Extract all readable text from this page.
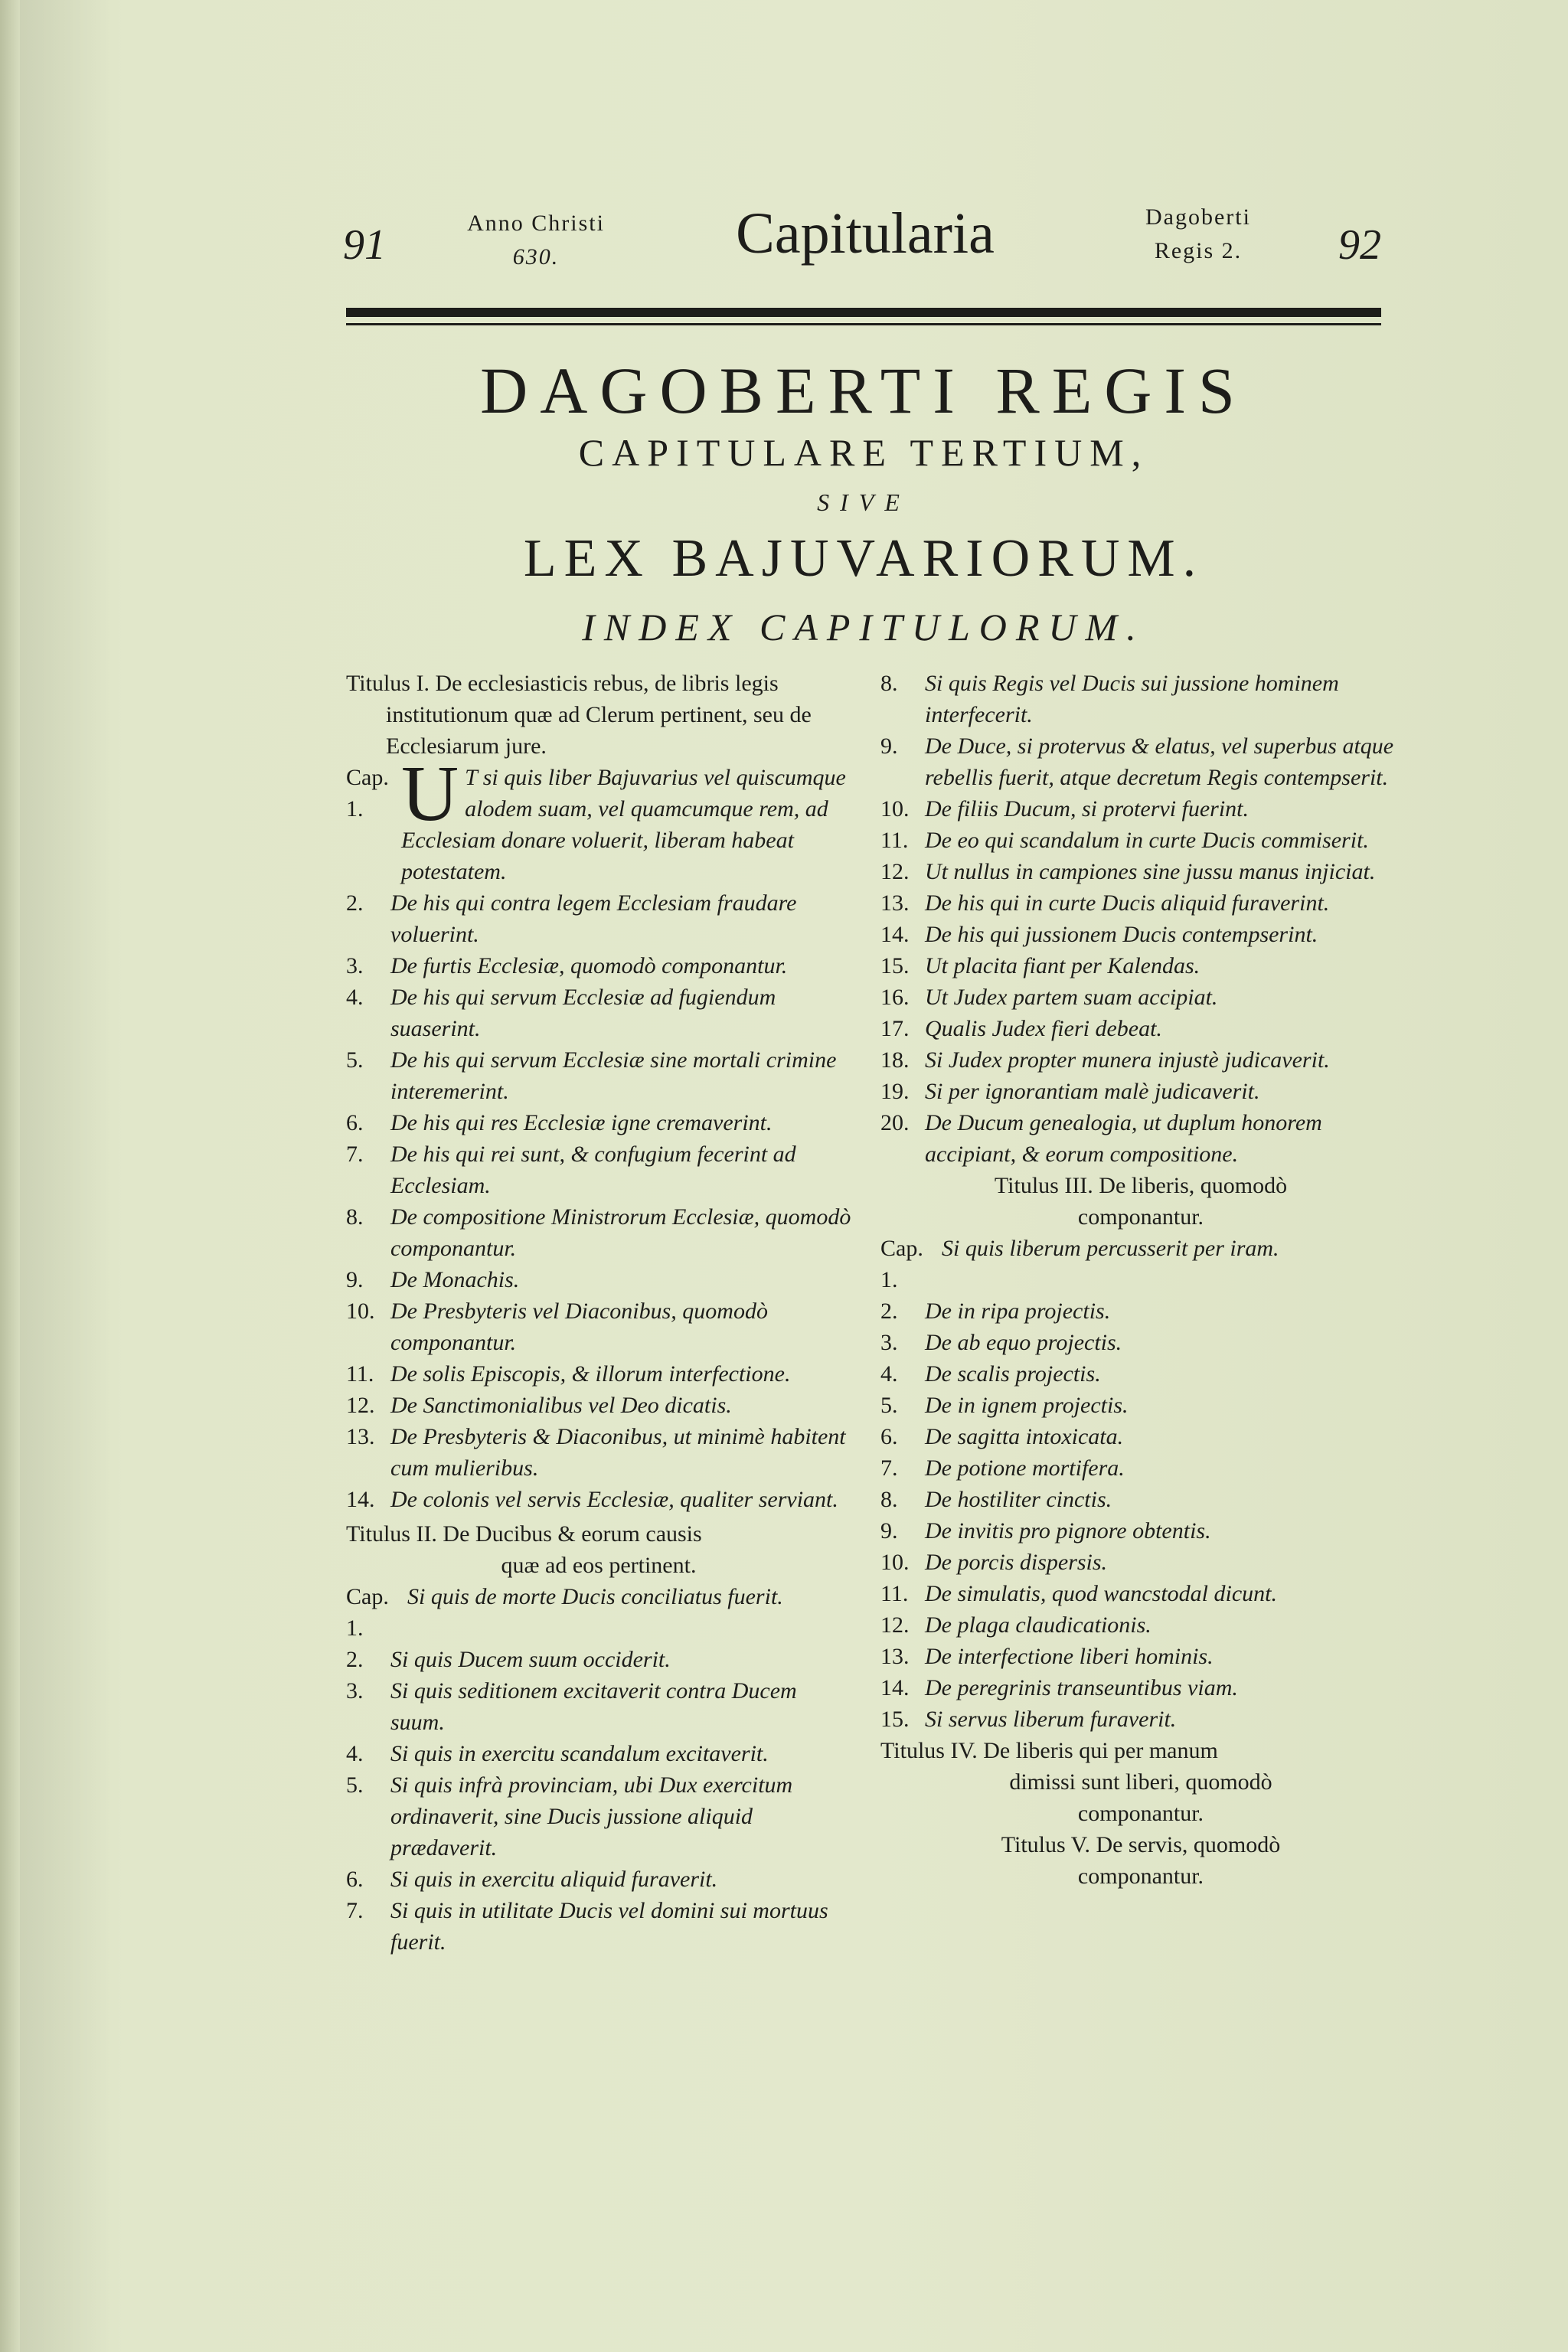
91	Anno Christi
630.	Capitularia	Dagoberti
Regis 2.	92
DAGOBERTI REGIS
CAPITULARE TERTIUM,
SIVE
LEX BAJUVARIORUM.
INDEX CAPITULORUM.
Titulus I. De ecclesiasticis rebus, de libris legis institutionum quæ ad Clerum pertinent, seu de Ecclesiarum jure.
Cap. 1. U T si quis liber Bajuvarius vel quiscumque alodem suam, vel quamcumque rem, ad Ecclesiam donare voluerit, liberam habeat potestatem.
2.	De his qui contra legem Ecclesiam fraudare voluerint.
3.	De furtis Ecclesiæ, quomodò componantur.
4.	De his qui servum Ecclesiæ ad fugiendum suaserint.
5.	De his qui servum Ecclesiæ sine mortali crimine interemerint.
6.	De his qui res Ecclesiæ igne cremaverint.
7.	De his qui rei sunt, & confugium fecerint ad Ecclesiam.
8.	De compositione Ministrorum Ecclesiæ, quomodò componantur.
9.	De Monachis.
10. De Presbyteris vel Diaconibus, quomodò componantur.
11. De solis Episcopis, & illorum interfectione.
12. De Sanctimonialibus vel Deo dicatis.
13. De Presbyteris & Diaconibus, ut minimè habitent cum mulieribus.
14. De colonis vel servis Ecclesiæ, qualiter serviant.
Titulus II. De Ducibus & eorum causis
quæ ad eos pertinent.
Cap. 1.
Si quis de morte Ducis conciliatus fuerit.
2.	Si quis Ducem suum occiderit.
3.	Si quis seditionem excitaverit contra Ducem suum.
4.	Si quis in exercitu scandalum excitaverit.
5.	Si quis infrà provinciam, ubi Dux exercitum ordinaverit, sine Ducis jussione aliquid prædaverit.
6.	Si quis in exercitu aliquid furaverit.
7.	Si quis in utilitate Ducis vel domini sui mortuus fuerit.
8.	Si quis Regis vel Ducis sui jussione hominem interfecerit.
9.	De Duce, si protervus & elatus, vel superbus atque rebellis fuerit, atque decretum Regis contempserit.
10. De filiis Ducum, si protervi fuerint.
11. De eo qui scandalum in curte Ducis commiserit.
12. Ut nullus in campiones sine jussu manus injiciat.
13. De his qui in curte Ducis aliquid furaverint.
14. De his qui jussionem Ducis contempserint.
15. Ut placita fiant per Kalendas.
16. Ut Judex partem suam accipiat.
17. Qualis Judex fieri debeat.
18. Si Judex propter munera injustè judicaverit.
19. Si per ignorantiam malè judicaverit.
20. De Ducum genealogia, ut duplum honorem accipiant, & eorum compositione.
Titulus III. De liberis, quomodò
componantur.
Cap. 1.
Si quis liberum percusserit per iram.
2.	De in ripa projectis.
3.	De ab equo projectis.
4.	De scalis projectis.
5.	De in ignem projectis.
6.	De sagitta intoxicata.
7.	De potione mortifera.
8.	De hostiliter cinctis.
9.	De invitis pro pignore obtentis.
10. De porcis dispersis.
11. De simulatis, quod wancstodal dicunt.
12. De plaga claudicationis.
13. De interfectione liberi hominis.
14. De peregrinis transeuntibus viam.
15. Si servus liberum furaverit.
Titulus IV. De liberis qui per manum
dimissi sunt liberi, quomodò
componantur.
Titulus V. De servis, quomodò
componantur.
